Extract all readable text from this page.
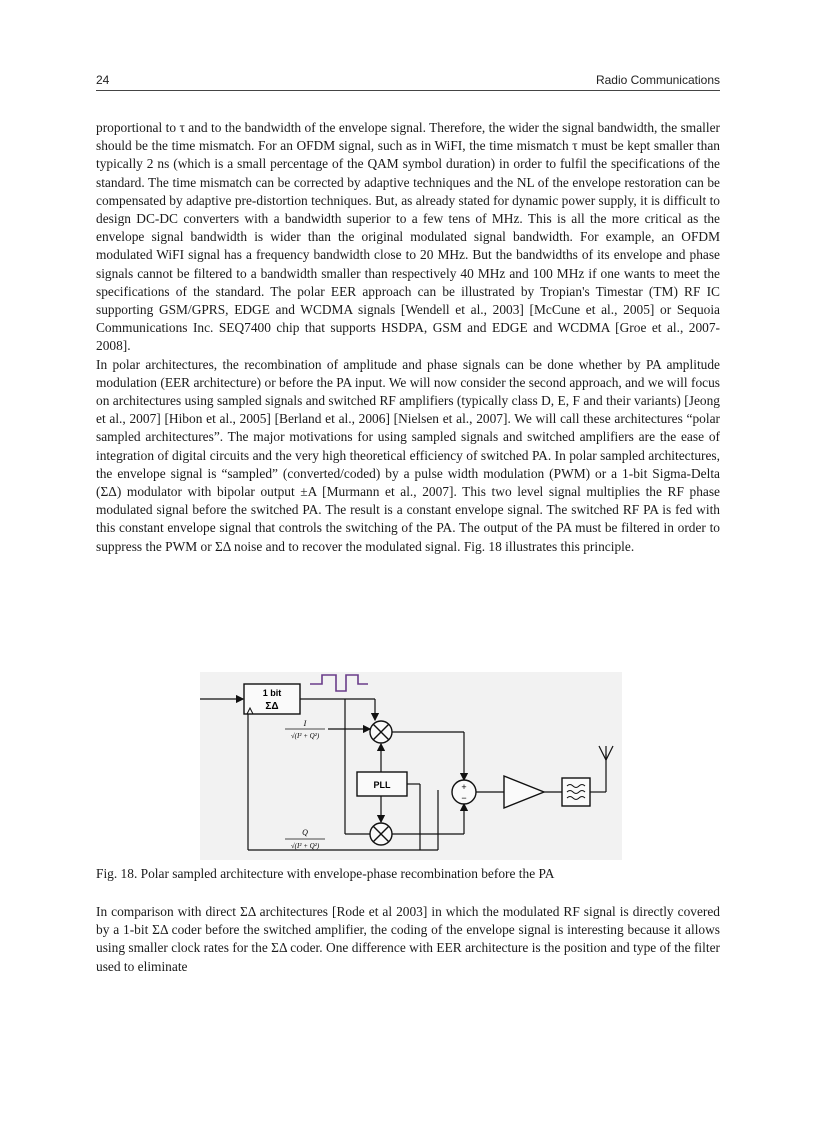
24	Radio Communications

proportional to τ and to the bandwidth of the envelope signal. Therefore, the wider the signal bandwidth, the smaller should be the time mismatch. For an OFDM signal, such as in WiFI, the time mismatch τ must be kept smaller than typically 2 ns (which is a small percentage of the QAM symbol duration) in order to fulfil the specifications of the standard. The time mismatch can be corrected by adaptive techniques and the NL of the envelope restoration can be compensated by adaptive pre-distortion techniques. But, as already stated for dynamic power supply, it is difficult to design DC-DC converters with a bandwidth superior to a few tens of MHz. This is all the more critical as the envelope signal bandwidth is wider than the original modulated signal bandwidth. For example, an OFDM modulated WiFI signal has a frequency bandwidth close to 20 MHz. But the bandwidths of its envelope and phase signals cannot be filtered to a bandwidth smaller than respectively 40 MHz and 100 MHz if one wants to meet the specifications of the standard. The polar EER approach can be illustrated by Tropian's Timestar (TM) RF IC supporting GSM/GPRS, EDGE and WCDMA signals [Wendell et al., 2003] [McCune et al., 2005] or Sequoia Communications Inc. SEQ7400 chip that supports HSDPA, GSM and EDGE and WCDMA [Groe et al., 2007-2008].

In polar architectures, the recombination of amplitude and phase signals can be done whether by PA amplitude modulation (EER architecture) or before the PA input. We will now consider the second approach, and we will focus on architectures using sampled signals and switched RF amplifiers (typically class D, E, F and their variants) [Jeong et al., 2007] [Hibon et al., 2005] [Berland et al., 2006] [Nielsen et al., 2007]. We will call these architectures “polar sampled architectures”. The major motivations for using sampled signals and switched amplifiers are the ease of integration of digital circuits and the very high theoretical efficiency of switched PA. In polar sampled architectures, the envelope signal is “sampled” (converted/coded) by a pulse width modulation (PWM) or a 1-bit Sigma-Delta (ΣΔ) modulator with bipolar output ±A [Murmann et al., 2007]. This two level signal multiplies the RF phase modulated signal before the switched PA. The result is a constant envelope signal. The switched RF PA is fed with this constant envelope signal that controls the switching of the PA. The output of the PA must be filtered in order to suppress the PWM or ΣΔ noise and to recover the modulated signal. Fig. 18 illustrates this principle.

1 bit
ΣΔ
I
√(I² + Q²)
PLL
Q
√(I² + Q²)
+
−
Fig. 18. Polar sampled architecture with envelope-phase recombination before the PA

In comparison with direct ΣΔ architectures [Rode et al 2003] in which the modulated RF signal is directly covered by a 1-bit ΣΔ coder before the switched amplifier, the coding of the envelope signal is interesting because it allows using smaller clock rates for the ΣΔ coder. One difference with EER architecture is the position and type of the filter used to eliminate
